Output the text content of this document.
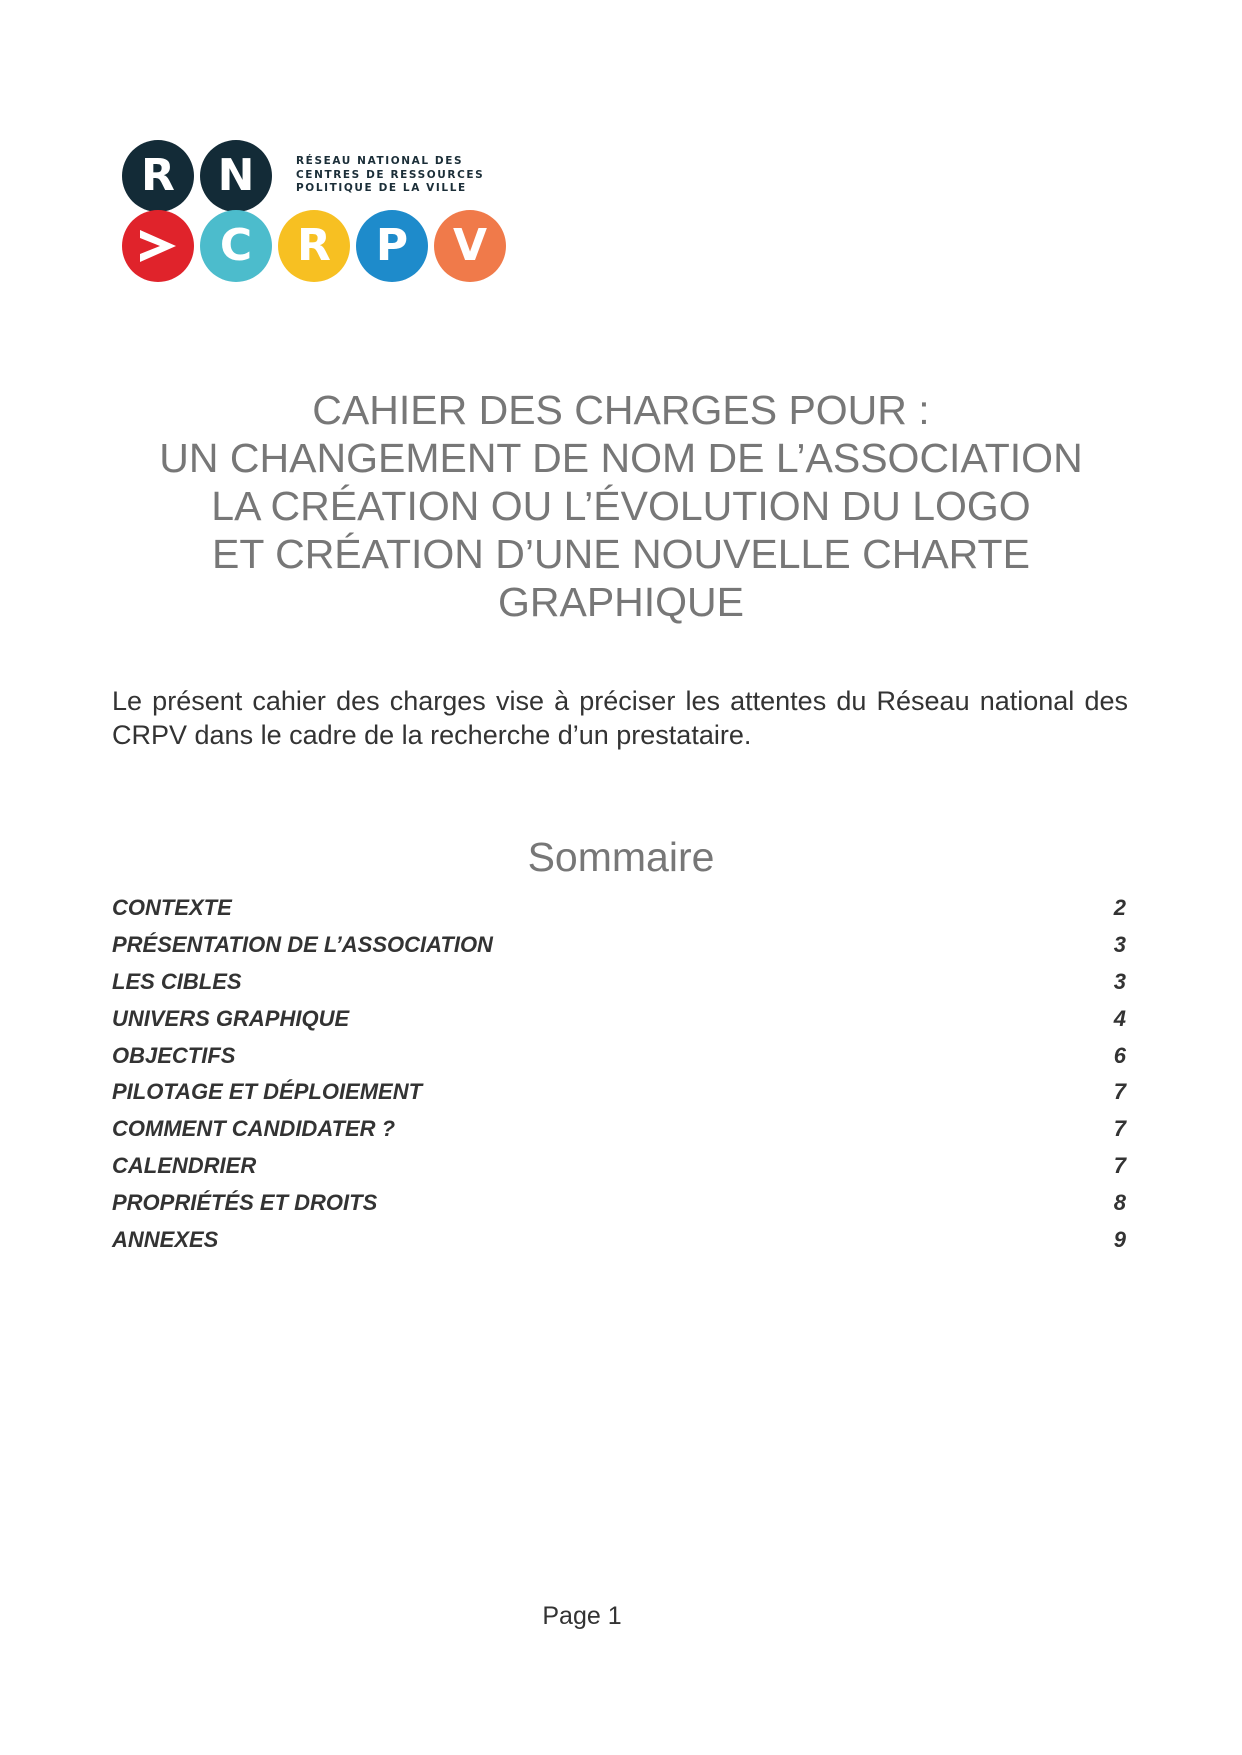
R N
C	R	P	V
RÉSEAU NATIONAL DES
CENTRES DE RESSOURCES
POLITIQUE DE LA VILLE
CAHIER DES CHARGES POUR :
UN CHANGEMENT DE NOM DE L’ASSOCIATION
LA CRÉATION OU L’ÉVOLUTION DU LOGO
ET CRÉATION D’UNE NOUVELLE CHARTE
GRAPHIQUE

Le présent cahier des charges vise à préciser les attentes du Réseau national des CRPV dans le cadre de la recherche d’un prestataire.

Sommaire
CONTEXTE	2
PRÉSENTATION DE L’ASSOCIATION	3
LES CIBLES	3
UNIVERS GRAPHIQUE	4
OBJECTIFS	6
PILOTAGE ET DÉPLOIEMENT	7
COMMENT CANDIDATER ?	7
CALENDRIER	7
PROPRIÉTÉS ET DROITS	8
ANNEXES	9
Page 1
